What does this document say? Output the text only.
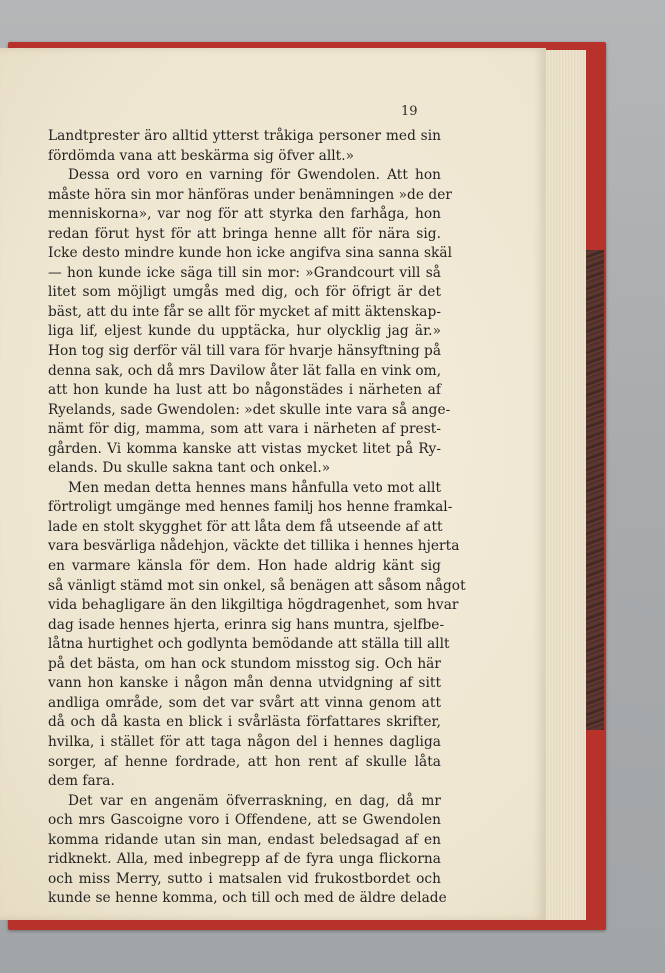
19
Landtprester äro alltid ytterst tråkiga personer med sin
fördömda vana att beskärma sig öfver allt.»
Dessa ord voro en varning för Gwendolen. Att hon
måste höra sin mor hänföras under benämningen »de der
menniskorna», var nog för att styrka den farhåga, hon
redan förut hyst för att bringa henne allt för nära sig.
Icke desto mindre kunde hon icke angifva sina sanna skäl
— hon kunde icke säga till sin mor: »Grandcourt vill så
litet som möjligt umgås med dig, och för öfrigt är det
bäst, att du inte får se allt för mycket af mitt äktenskap-
liga lif, eljest kunde du upptäcka, hur olycklig jag är.»
Hon tog sig derför väl till vara för hvarje hänsyftning på
denna sak, och då mrs Davilow åter lät falla en vink om,
att hon kunde ha lust att bo någonstädes i närheten af
Ryelands, sade Gwendolen: »det skulle inte vara så ange-
nämt för dig, mamma, som att vara i närheten af prest-
gården. Vi komma kanske att vistas mycket litet på Ry-
elands. Du skulle sakna tant och onkel.»
Men medan detta hennes mans hånfulla veto mot allt
förtroligt umgänge med hennes familj hos henne framkal-
lade en stolt skygghet för att låta dem få utseende af att
vara besvärliga nådehjon, väckte det tillika i hennes hjerta
en varmare känsla för dem. Hon hade aldrig känt sig
så vänligt stämd mot sin onkel, så benägen att såsom något
vida behagligare än den likgiltiga högdragenhet, som hvar
dag isade hennes hjerta, erinra sig hans muntra, sjelfbe-
låtna hurtighet och godlynta bemödande att ställa till allt
på det bästa, om han ock stundom misstog sig. Och här
vann hon kanske i någon mån denna utvidgning af sitt
andliga område, som det var svårt att vinna genom att
då och då kasta en blick i svårlästa författares skrifter,
hvilka, i stället för att taga någon del i hennes dagliga
sorger, af henne fordrade, att hon rent af skulle låta
dem fara.
Det var en angenäm öfverraskning, en dag, då mr
och mrs Gascoigne voro i Offendene, att se Gwendolen
komma ridande utan sin man, endast beledsagad af en
ridknekt. Alla, med inbegrepp af de fyra unga flickorna
och miss Merry, sutto i matsalen vid frukostbordet och
kunde se henne komma, och till och med de äldre delade
